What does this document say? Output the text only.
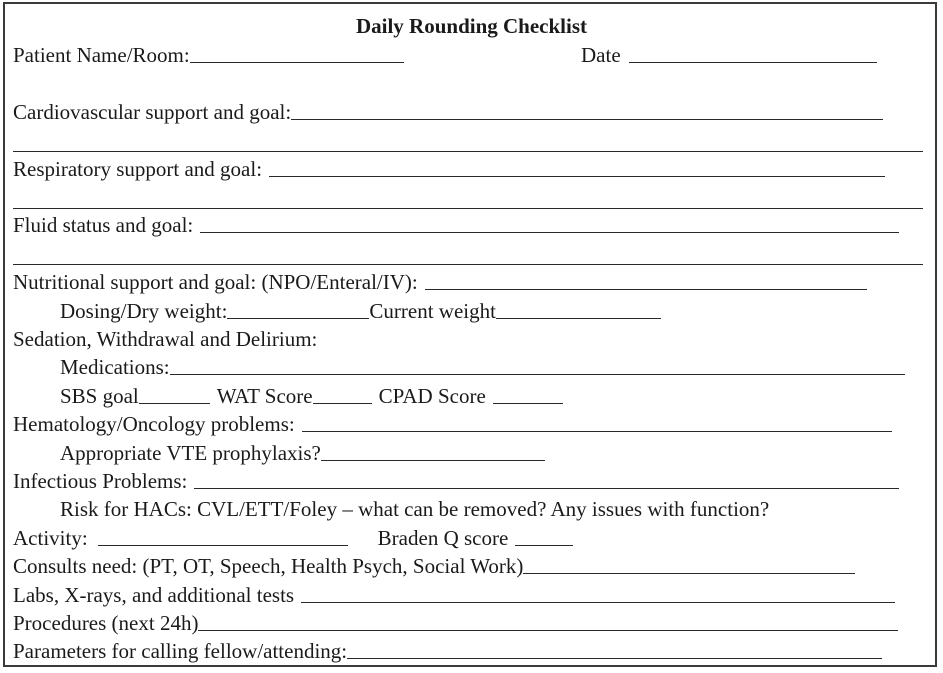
Daily Rounding Checklist
Patient Name/Room:	Date
Cardiovascular support and goal:
Respiratory support and goal:
Fluid status and goal:
Nutritional support and goal: (NPO/Enteral/IV):
Dosing/Dry weight:	Current weight
Sedation, Withdrawal and Delirium:
Medications:
SBS goal	WAT Score	CPAD Score
Hematology/Oncology problems:
Appropriate VTE prophylaxis?
Infectious Problems:
Risk for HACs: CVL/ETT/Foley – what can be removed? Any issues with function?
Activity:	Braden Q score
Consults need: (PT, OT, Speech, Health Psych, Social Work)
Labs, X-rays, and additional tests
Procedures (next 24h)
Parameters for calling fellow/attending:
